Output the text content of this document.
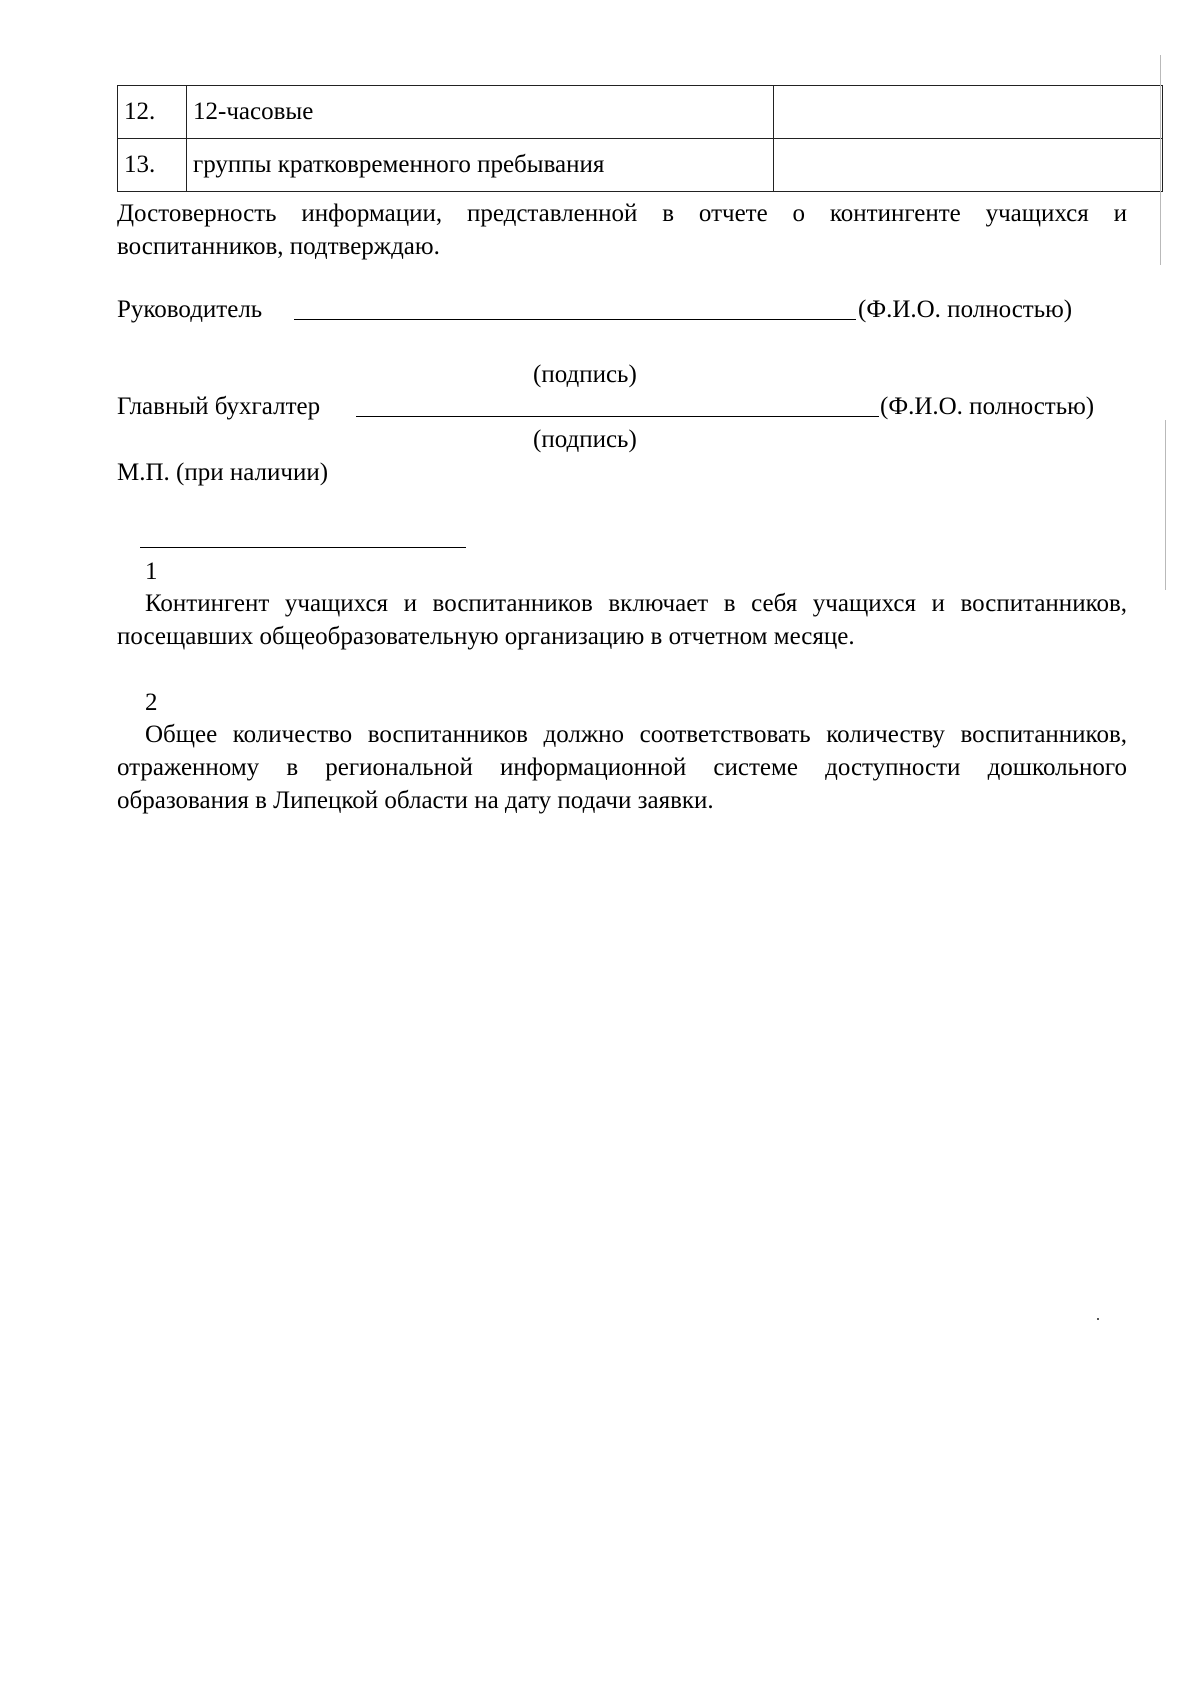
12.	12-часовые	
13.	группы кратковременного пребывания	

Достоверность информации, представленной в отчете о контингенте учащихся и воспитанников, подтверждаю.

Руководитель	(Ф.И.О. полностью)
(подпись)
Главный бухгалтер	(Ф.И.О. полностью)
(подпись)
М.П. (при наличии)
1

Контингент учащихся и воспитанников включает в себя учащихся и воспитанников, посещавших общеобразовательную организацию в отчетном месяце.

2

Общее количество воспитанников должно соответствовать количеству воспитанников, отраженному в региональной информационной системе доступности дошкольного образования в Липецкой области на дату подачи заявки.
